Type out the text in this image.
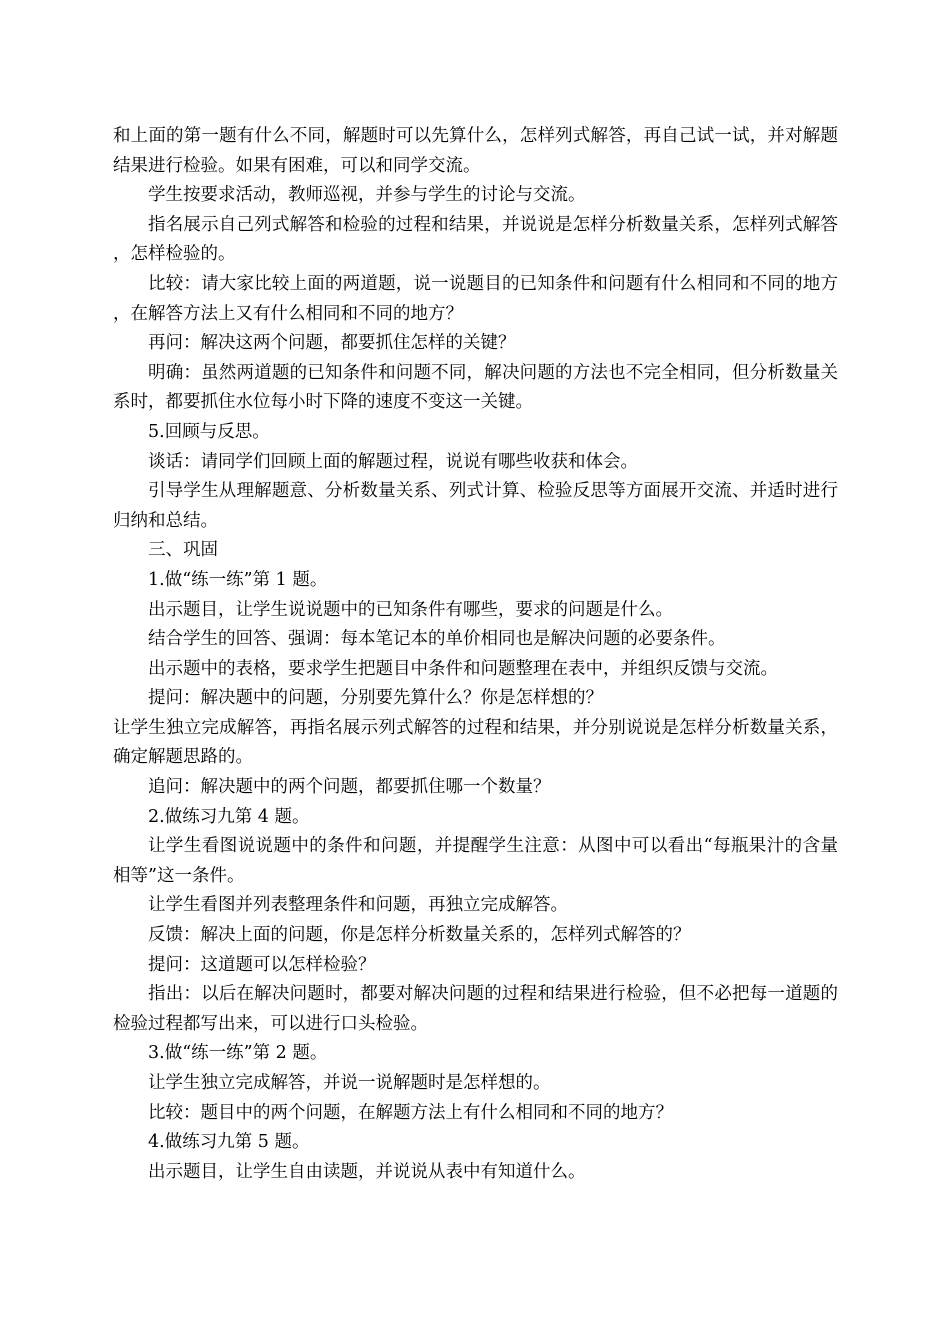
和上面的第一题有什么不同，解题时可以先算什么，怎样列式解答，再自己试一试，并对解题结果进行检验。如果有困难，可以和同学交流。

学生按要求活动，教师巡视，并参与学生的讨论与交流。

指名展示自己列式解答和检验的过程和结果，并说说是怎样分析数量关系，怎样列式解答，怎样检验的。

比较：请大家比较上面的两道题，说一说题目的已知条件和问题有什么相同和不同的地方，在解答方法上又有什么相同和不同的地方？

再问：解决这两个问题，都要抓住怎样的关键？

明确：虽然两道题的已知条件和问题不同，解决问题的方法也不完全相同，但分析数量关系时，都要抓住水位每小时下降的速度不变这一关键。

5.回顾与反思。

谈话：请同学们回顾上面的解题过程，说说有哪些收获和体会。

引导学生从理解题意、分析数量关系、列式计算、检验反思等方面展开交流、并适时进行归纳和总结。

三、巩固

1.做“练一练”第 1 题。

出示题目，让学生说说题中的已知条件有哪些，要求的问题是什么。

结合学生的回答、强调：每本笔记本的单价相同也是解决问题的必要条件。

出示题中的表格，要求学生把题目中条件和问题整理在表中，并组织反馈与交流。

提问：解决题中的问题，分别要先算什么？你是怎样想的？

让学生独立完成解答，再指名展示列式解答的过程和结果，并分别说说是怎样分析数量关系，确定解题思路的。

追问：解决题中的两个问题，都要抓住哪一个数量？

2.做练习九第 4 题。

让学生看图说说题中的条件和问题，并提醒学生注意：从图中可以看出“每瓶果汁的含量相等”这一条件。

让学生看图并列表整理条件和问题，再独立完成解答。

反馈：解决上面的问题，你是怎样分析数量关系的，怎样列式解答的？

提问：这道题可以怎样检验？

指出：以后在解决问题时，都要对解决问题的过程和结果进行检验，但不必把每一道题的检验过程都写出来，可以进行口头检验。

3.做“练一练”第 2 题。

让学生独立完成解答，并说一说解题时是怎样想的。

比较：题目中的两个问题，在解题方法上有什么相同和不同的地方？

4.做练习九第 5 题。

出示题目，让学生自由读题，并说说从表中有知道什么。
